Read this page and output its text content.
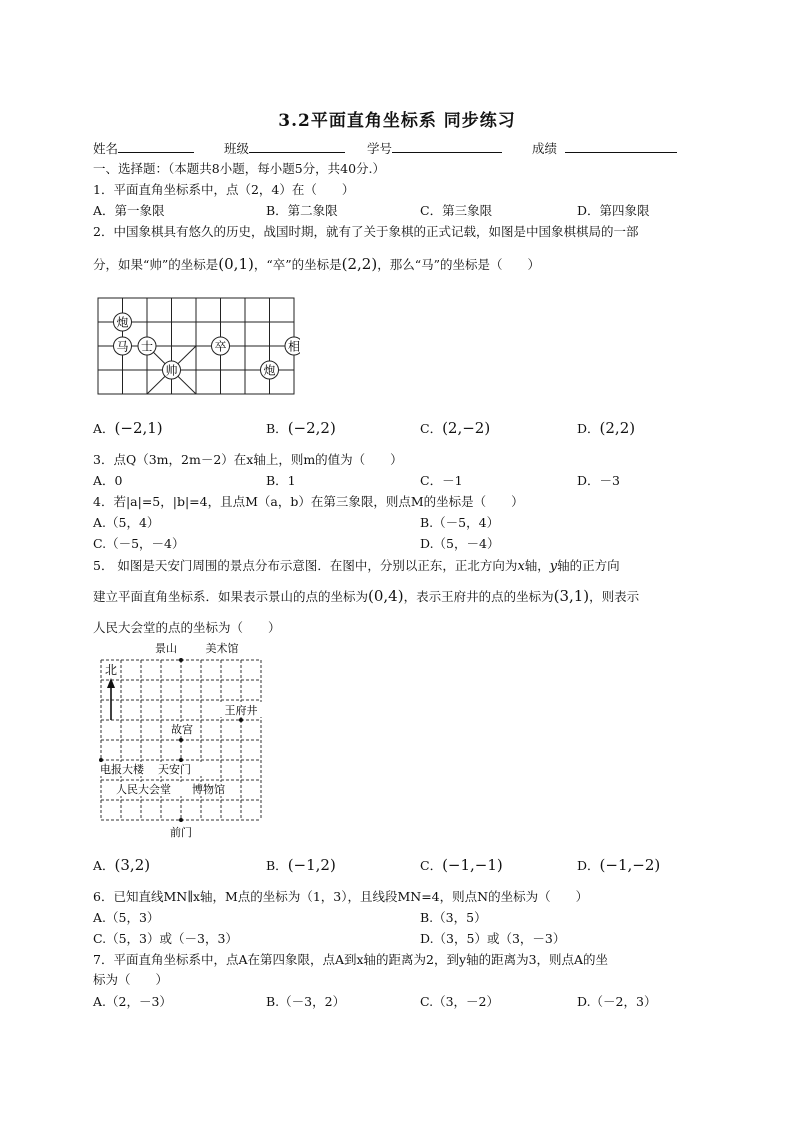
3.2平面直角坐标系 同步练习
姓名	班级	学号	成绩
一、选择题：（本题共8小题，每小题5分，共40分.）
1．平面直角坐标系中，点（2，4）在（　　）
A．第一象限	B．第二象限	C．第三象限	D．第四象限
2．中国象棋具有悠久的历史，战国时期，就有了关于象棋的正式记载，如图是中国象棋棋局的一部
分，如果“帅”的坐标是(0,1)，“卒”的坐标是(2,2)，那么“马”的坐标是（　　）
炮
马 士
帅
卒
炮
相
A．(−2,1)	B．(−2,2)	C．(2,−2)	D．(2,2)
3．点Q（3m，2m－2）在x轴上，则m的值为（　　）
A．0	B．1	C．－1	D．－3
4．若|a|=5，|b|=4，且点M（a，b）在第三象限，则点M的坐标是（　　）
A.（5，4）	B.（－5，4）
C.（－5，－4）	D.（5，－4）
5． 如图是天安门周围的景点分布示意图．在图中，分别以正东，正北方向为x轴，y轴的正方向
建立平面直角坐标系．如果表示景山的点的坐标为(0,4)，表示王府井的点的坐标为(3,1)，则表示
人民大会堂的点的坐标为（　　）
北
景山	美术馆
王府井
故宫
电报大楼 天安门
人民大会堂 博物馆
前门
A．(3,2)	B．(−1,2)	C．(−1,−1)	D．(−1,−2)
6．已知直线MN∥x轴，M点的坐标为（1，3），且线段MN=4，则点N的坐标为（　　）
A.（5，3）	B.（3，5）
C.（5，3）或（－3，3）	D.（3，5）或（3，－3）
7．平面直角坐标系中，点A在第四象限，点A到x轴的距离为2，到y轴的距离为3，则点A的坐
标为（　　）
A.（2，－3）	B.（－3，2）	C.（3，－2）	D.（－2，3）
